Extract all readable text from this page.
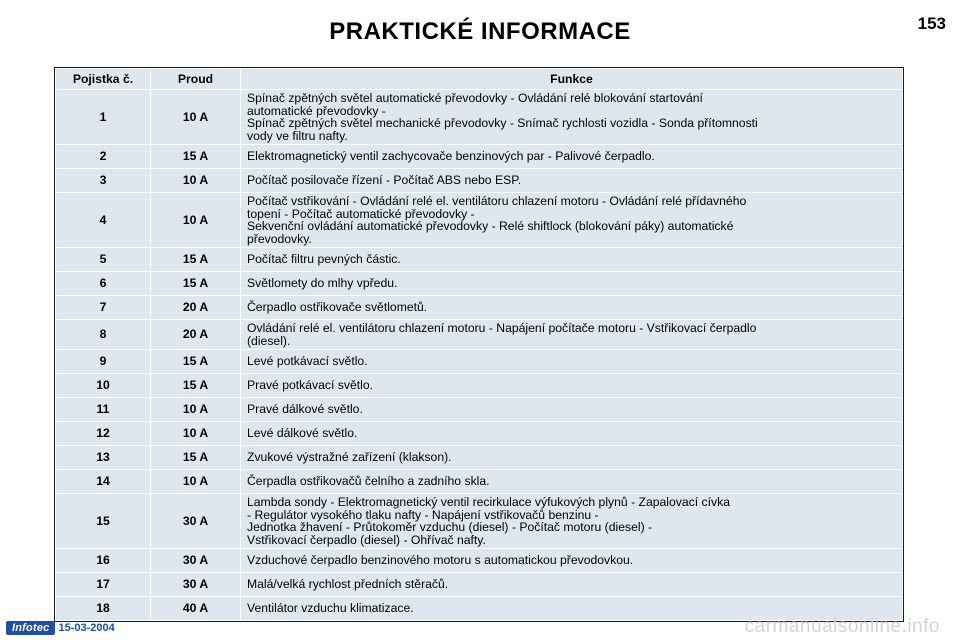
PRAKTICKÉ INFORMACE	153
Pojistka č.	Proud	Funkce
1	10 A	Spínač zpětných světel automatické převodovky - Ovládání relé blokování startování
automatické převodovky -
Spínač zpětných světel mechanické převodovky - Snímač rychlosti vozidla - Sonda přítomnosti
vody ve filtru nafty.

2	15 A	Elektromagnetický ventil zachycovače benzinových par - Palivové čerpadlo.

3	10 A	Počítač posilovače řízení - Počítač ABS nebo ESP.

4	10 A	Počítač vstřikování - Ovládání relé el. ventilátoru chlazení motoru - Ovládání relé přídavného
topení - Počítač automatické převodovky -
Sekvenční ovládání automatické převodovky - Relé shiftlock (blokování páky) automatické
převodovky.

5	15 A	Počítač filtru pevných částic.

6	15 A	Světlomety do mlhy vpředu.

7	20 A	Čerpadlo ostřikovače světlometů.

8	20 A	Ovládání relé el. ventilátoru chlazení motoru - Napájení počítače motoru - Vstřikovací čerpadlo
(diesel).

9	15 A	Levé potkávací světlo.

10	15 A	Pravé potkávací světlo.

11	10 A	Pravé dálkové světlo.

12	10 A	Levé dálkové světlo.

13	15 A	Zvukové výstražné zařízení (klakson).

14	10 A	Čerpadla ostřikovačů čelního a zadního skla.

15	30 A	Lambda sondy - Elektromagnetický ventil recirkulace výfukových plynů - Zapalovací cívka
- Regulátor vysokého tlaku nafty - Napájení vstřikovačů benzinu -
Jednotka žhavení - Průtokoměr vzduchu (diesel) - Počítač motoru (diesel) -
Vstřikovací čerpadlo (diesel) - Ohřívač nafty.

16	30 A	Vzduchové čerpadlo benzinového motoru s automatickou převodovkou.

17	30 A	Malá/velká rychlost předních stěračů.

18	40 A	Ventilátor vzduchu klimatizace.
Infotec 15-03-2004	carmanualsonline.info
